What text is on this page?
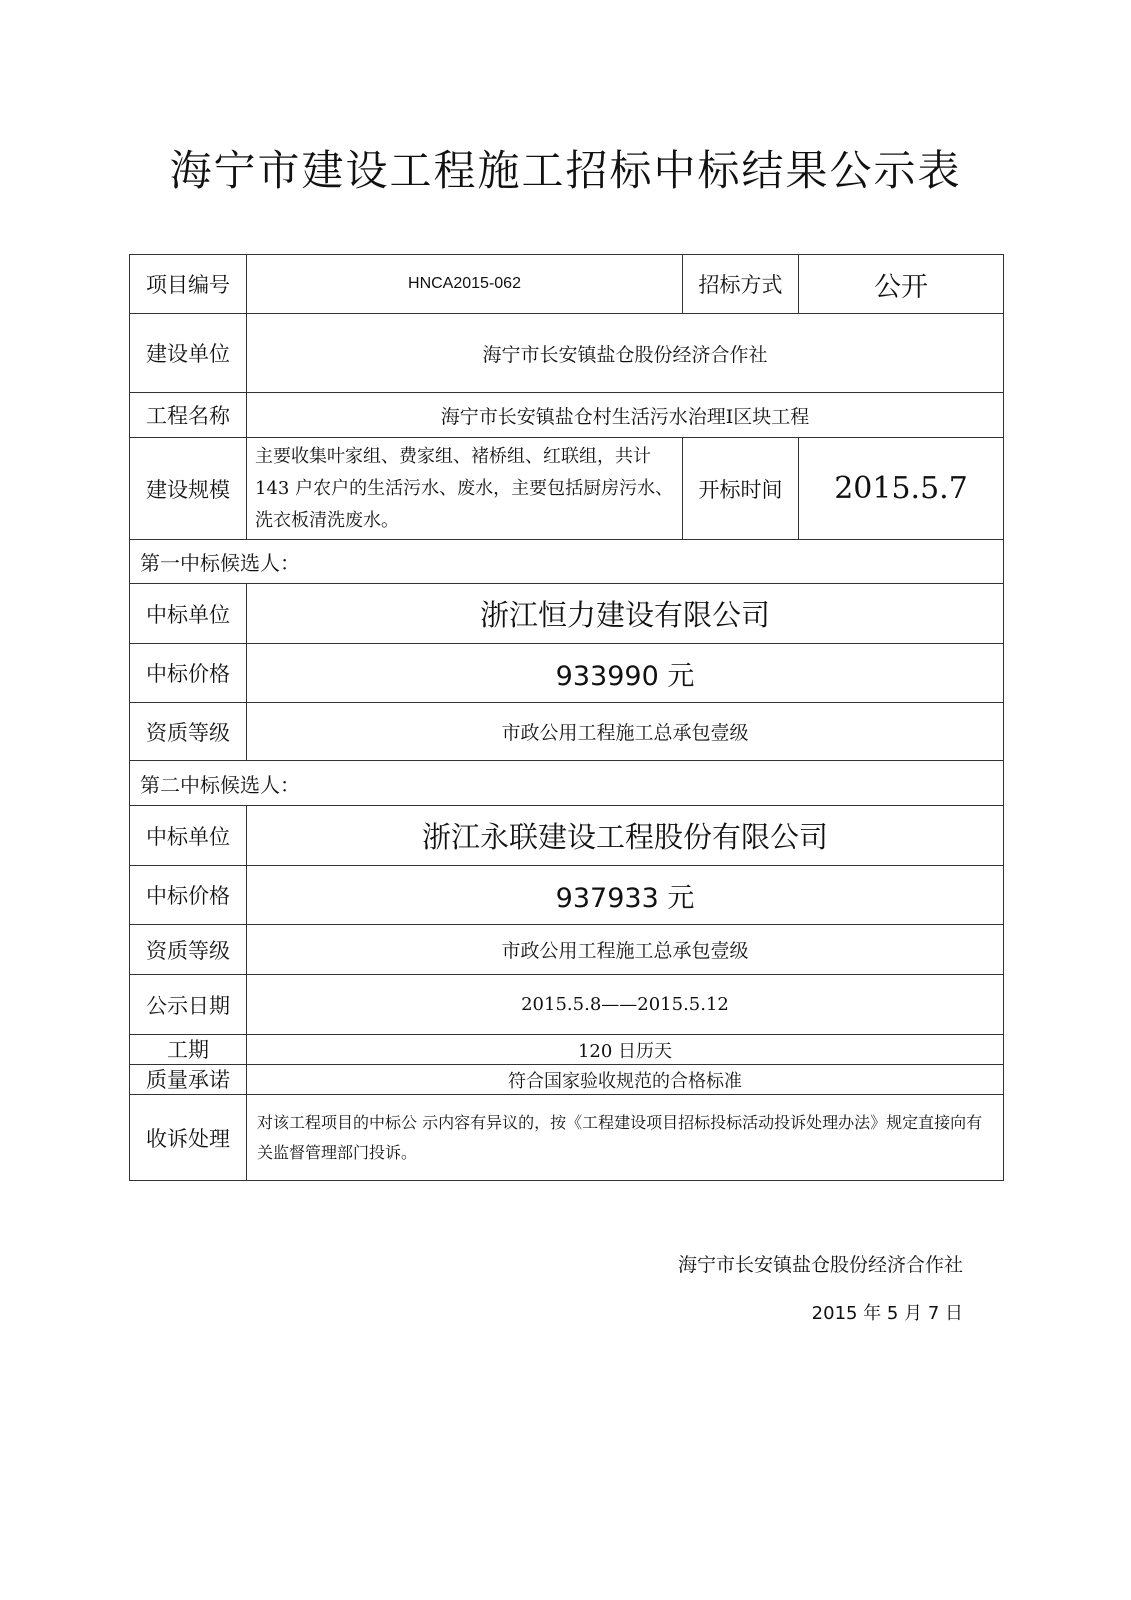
海宁市建设工程施工招标中标结果公示表
项目编号	HNCA2015-062	招标方式	公开
建设单位	海宁市长安镇盐仓股份经济合作社		
工程名称	海宁市长安镇盐仓村生活污水治理Ⅰ区块工程		
建设规模	主要收集叶家组、费家组、褚桥组、红联组，共计 143 户农户的生活污水、废水，主要包括厨房污水、洗衣板清洗废水。	开标时间	2015.5.7
第一中标候选人：			
中标单位	浙江恒力建设有限公司		
中标价格	933990 元		
资质等级	市政公用工程施工总承包壹级		
第二中标候选人：			
中标单位	浙江永联建设工程股份有限公司		
中标价格	937933 元		
资质等级	市政公用工程施工总承包壹级		
公示日期	2015.5.8——2015.5.12		
工期	120 日历天		
质量承诺	符合国家验收规范的合格标准		
收诉处理	对该工程项目的中标公 示内容有异议的，按《工程建设项目招标投标活动投诉处理办法》规定直接向有关监督管理部门投诉。		
海宁市长安镇盐仓股份经济合作社
2015 年 5 月 7 日
